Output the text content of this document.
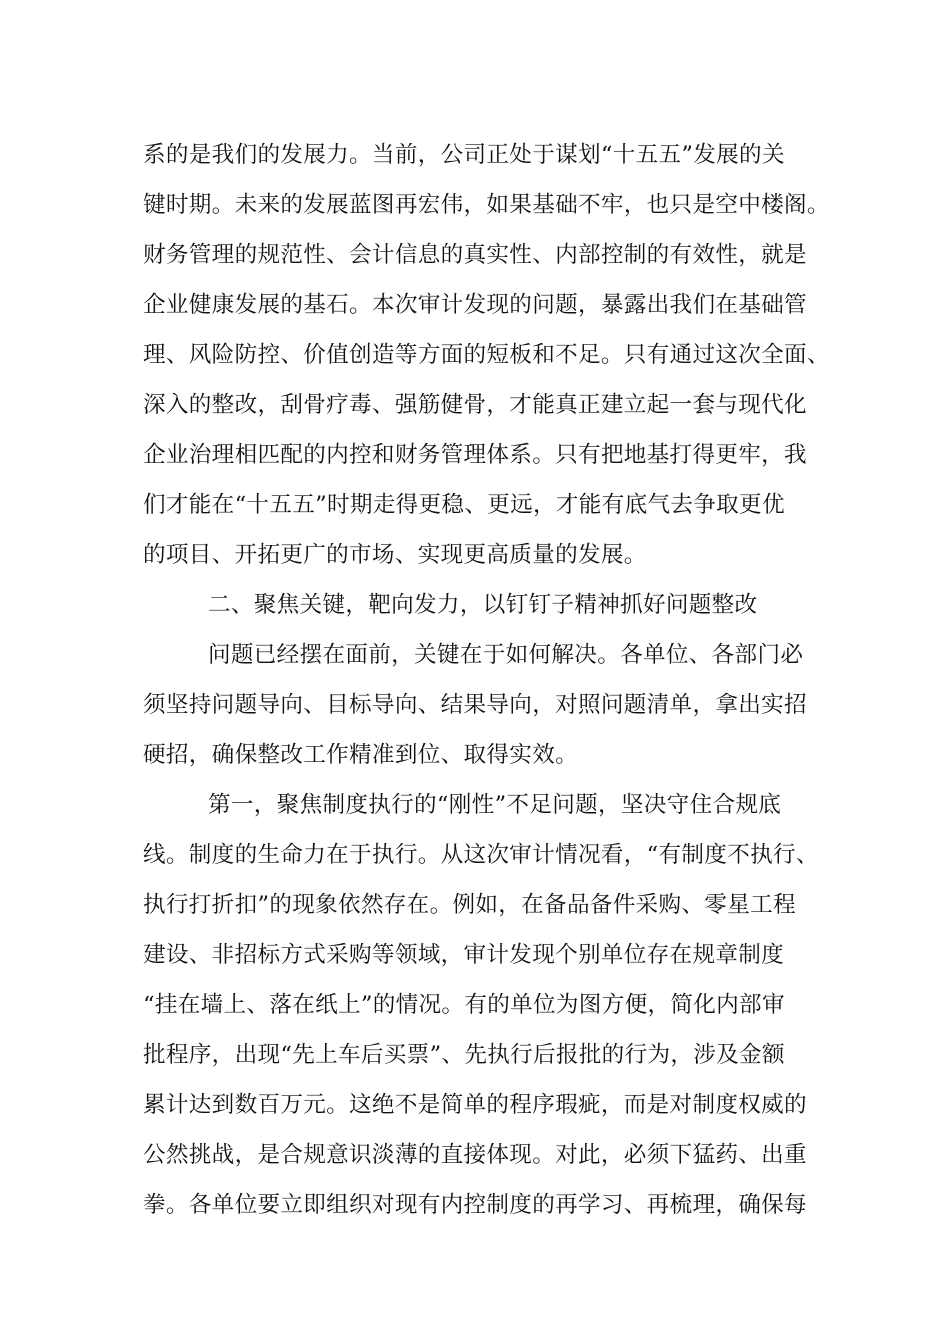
系的是我们的发展力。当前，公司正处于谋划“十五五”发展的关
键时期。未来的发展蓝图再宏伟，如果基础不牢，也只是空中楼阁。
财务管理的规范性、会计信息的真实性、内部控制的有效性，就是
企业健康发展的基石。本次审计发现的问题，暴露出我们在基础管
理、风险防控、价值创造等方面的短板和不足。只有通过这次全面、
深入的整改，刮骨疗毒、强筋健骨，才能真正建立起一套与现代化
企业治理相匹配的内控和财务管理体系。只有把地基打得更牢，我
们才能在“十五五”时期走得更稳、更远，才能有底气去争取更优
的项目、开拓更广的市场、实现更高质量的发展。
二、聚焦关键，靶向发力，以钉钉子精神抓好问题整改
问题已经摆在面前，关键在于如何解决。各单位、各部门必
须坚持问题导向、目标导向、结果导向，对照问题清单，拿出实招
硬招，确保整改工作精准到位、取得实效。
第一，聚焦制度执行的“刚性”不足问题，坚决守住合规底
线。制度的生命力在于执行。从这次审计情况看，“有制度不执行、
执行打折扣”的现象依然存在。例如，在备品备件采购、零星工程
建设、非招标方式采购等领域，审计发现个别单位存在规章制度
“挂在墙上、落在纸上”的情况。有的单位为图方便，简化内部审
批程序，出现“先上车后买票”、先执行后报批的行为，涉及金额
累计达到数百万元。这绝不是简单的程序瑕疵，而是对制度权威的
公然挑战，是合规意识淡薄的直接体现。对此，必须下猛药、出重
拳。各单位要立即组织对现有内控制度的再学习、再梳理，确保每
